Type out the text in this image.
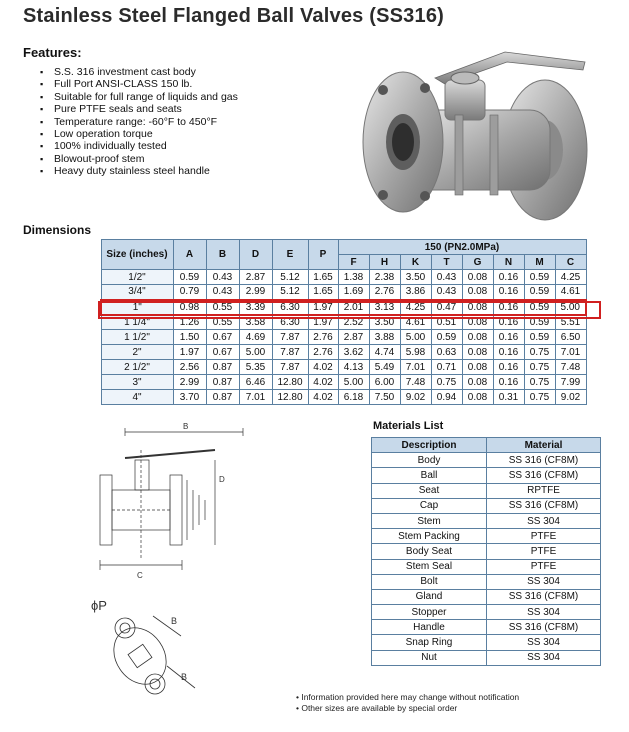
Stainless Steel Flanged Ball Valves (SS316)
Features:
▪ S.S. 316 investment cast body
▪ Full Port ANSI-CLASS 150 lb.
▪ Suitable for full range of liquids and gas
▪ Pure PTFE seals and seats
▪ Temperature range: -60°F to 450°F
▪ Low operation torque
▪ 100% individually tested
▪ Blowout-proof stem
▪ Heavy duty stainless steel handle
Dimensions
Size (inches)	A	B	D	E	P	150 (PN2.0MPa)							
						F	H	K	T	G	N	M	C
1/2"	0.59	0.43	2.87	5.12	1.65	1.38	2.38	3.50	0.43	0.08	0.16	0.59	4.25
3/4"	0.79	0.43	2.99	5.12	1.65	1.69	2.76	3.86	0.43	0.08	0.16	0.59	4.61
1"	0.98	0.55	3.39	6.30	1.97	2.01	3.13	4.25	0.47	0.08	0.16	0.59	5.00
1 1/4"	1.26	0.55	3.58	6.30	1.97	2.52	3.50	4.61	0.51	0.08	0.16	0.59	5.51
1 1/2"	1.50	0.67	4.69	7.87	2.76	2.87	3.88	5.00	0.59	0.08	0.16	0.59	6.50
2"	1.97	0.67	5.00	7.87	2.76	3.62	4.74	5.98	0.63	0.08	0.16	0.75	7.01
2 1/2"	2.56	0.87	5.35	7.87	4.02	4.13	5.49	7.01	0.71	0.08	0.16	0.75	7.48
3"	2.99	0.87	6.46	12.80	4.02	5.00	6.00	7.48	0.75	0.08	0.16	0.75	7.99
4"	3.70	0.87	7.01	12.80	4.02	6.18	7.50	9.02	0.94	0.08	0.31	0.75	9.02
B
C
D
ϕP
B
B
Materials List
Description	Material
Body	SS 316 (CF8M)
Ball	SS 316 (CF8M)
Seat	RPTFE
Cap	SS 316 (CF8M)
Stem	SS 304
Stem Packing	PTFE
Body Seat	PTFE
Stem Seal	PTFE
Bolt	SS 304
Gland	SS 316 (CF8M)
Stopper	SS 304
Handle	SS 316 (CF8M)
Snap Ring	SS 304
Nut	SS 304
• Information provided here may change without notification
• Other sizes are available by special order
